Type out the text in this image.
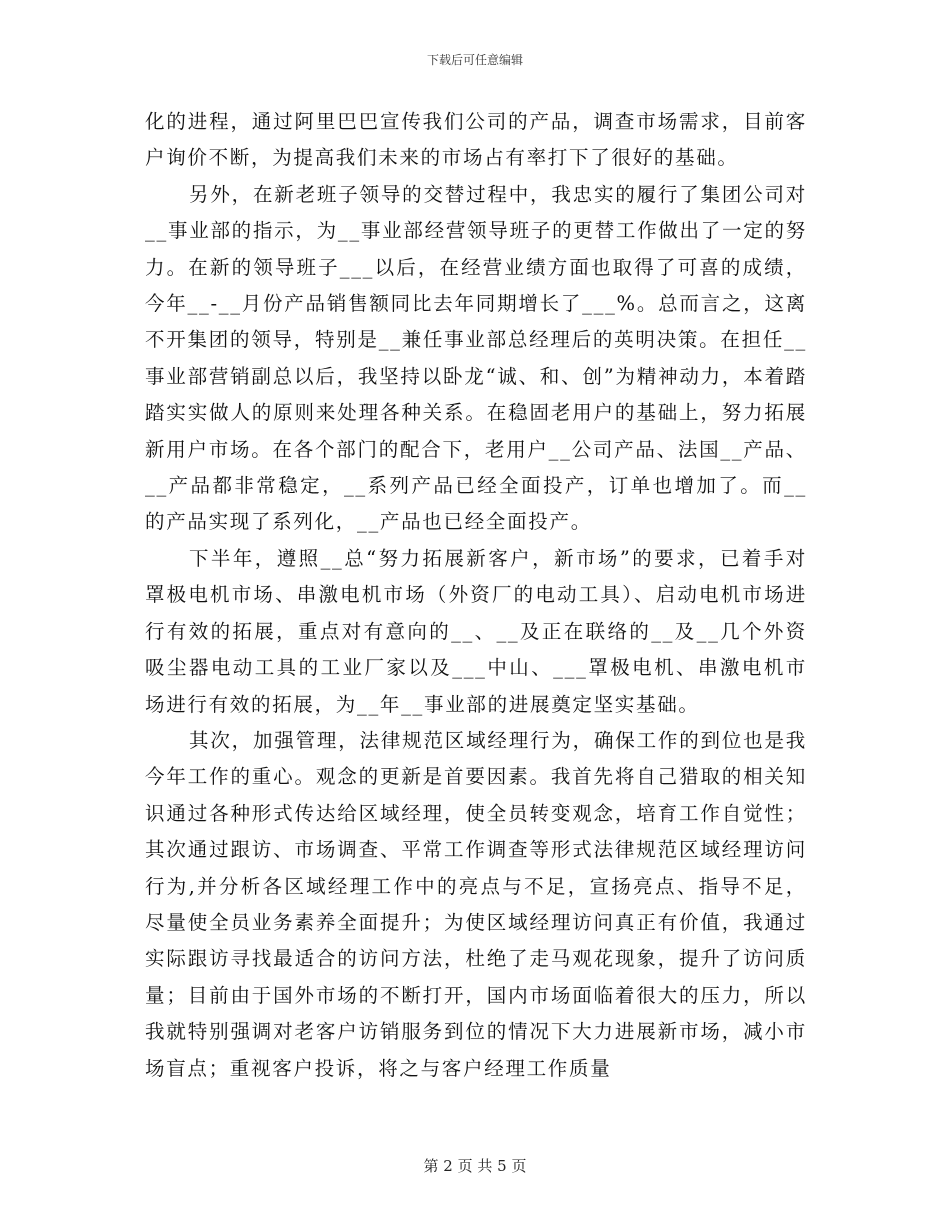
下载后可任意编辑

化的进程，通过阿里巴巴宣传我们公司的产品，调查市场需求，目前客户询价不断，为提高我们未来的市场占有率打下了很好的基础。

另外，在新老班子领导的交替过程中，我忠实的履行了集团公司对__事业部的指示，为__事业部经营领导班子的更替工作做出了一定的努力。在新的领导班子___以后，在经营业绩方面也取得了可喜的成绩，今年__-__月份产品销售额同比去年同期增长了___%。总而言之，这离不开集团的领导，特别是__兼任事业部总经理后的英明决策。在担任__事业部营销副总以后，我坚持以卧龙“诚、和、创”为精神动力，本着踏踏实实做人的原则来处理各种关系。在稳固老用户的基础上，努力拓展新用户市场。在各个部门的配合下，老用户__公司产品、法国__产品、__产品都非常稳定，__系列产品已经全面投产，订单也增加了。而__的产品实现了系列化，__产品也已经全面投产。

下半年，遵照__总“努力拓展新客户，新市场”的要求，已着手对罩极电机市场、串激电机市场（外资厂的电动工具）、启动电机市场进行有效的拓展，重点对有意向的__、__及正在联络的__及__几个外资吸尘器电动工具的工业厂家以及___中山、___罩极电机、串激电机市场进行有效的拓展，为__年__事业部的进展奠定坚实基础。

其次，加强管理，法律规范区域经理行为，确保工作的到位也是我今年工作的重心。观念的更新是首要因素。我首先将自己猎取的相关知识通过各种形式传达给区域经理，使全员转变观念，培育工作自觉性；其次通过跟访、市场调查、平常工作调查等形式法律规范区域经理访问行为,并分析各区域经理工作中的亮点与不足，宣扬亮点、指导不足，尽量使全员业务素养全面提升；为使区域经理访问真正有价值，我通过实际跟访寻找最适合的访问方法，杜绝了走马观花现象，提升了访问质量；目前由于国外市场的不断打开，国内市场面临着很大的压力，所以我就特别强调对老客户访销服务到位的情况下大力进展新市场，减小市场盲点；重视客户投诉，将之与客户经理工作质量

第 2 页 共 5 页
